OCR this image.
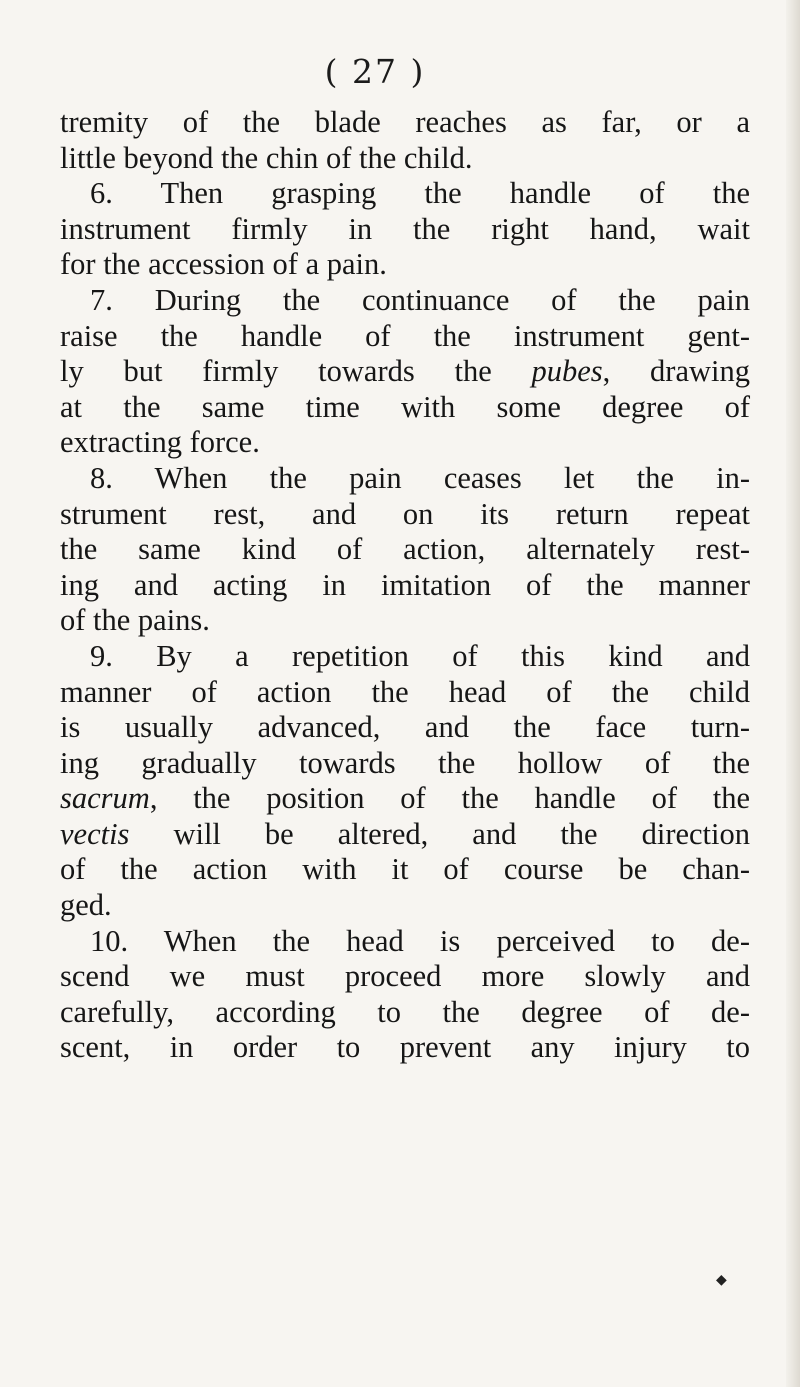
( 27 )
tremity of the blade reaches as far, or a
little beyond the chin of the child.
6. Then grasping the handle of the
instrument firmly in the right hand, wait
for the accession of a pain.
7. During the continuance of the pain
raise the handle of the instrument gent-
ly but firmly towards the pubes, drawing
at the same time with some degree of
extracting force.
8. When the pain ceases let the in-
strument rest, and on its return repeat
the same kind of action, alternately rest-
ing and acting in imitation of the manner
of the pains.
9. By a repetition of this kind and
manner of action the head of the child
is usually advanced, and the face turn-
ing gradually towards the hollow of the
sacrum, the position of the handle of the
vectis will be altered, and the direction
of the action with it of course be chan-
ged.
10. When the head is perceived to de-
scend we must proceed more slowly and
carefully, according to the degree of de-
scent, in order to prevent any injury to
◆
